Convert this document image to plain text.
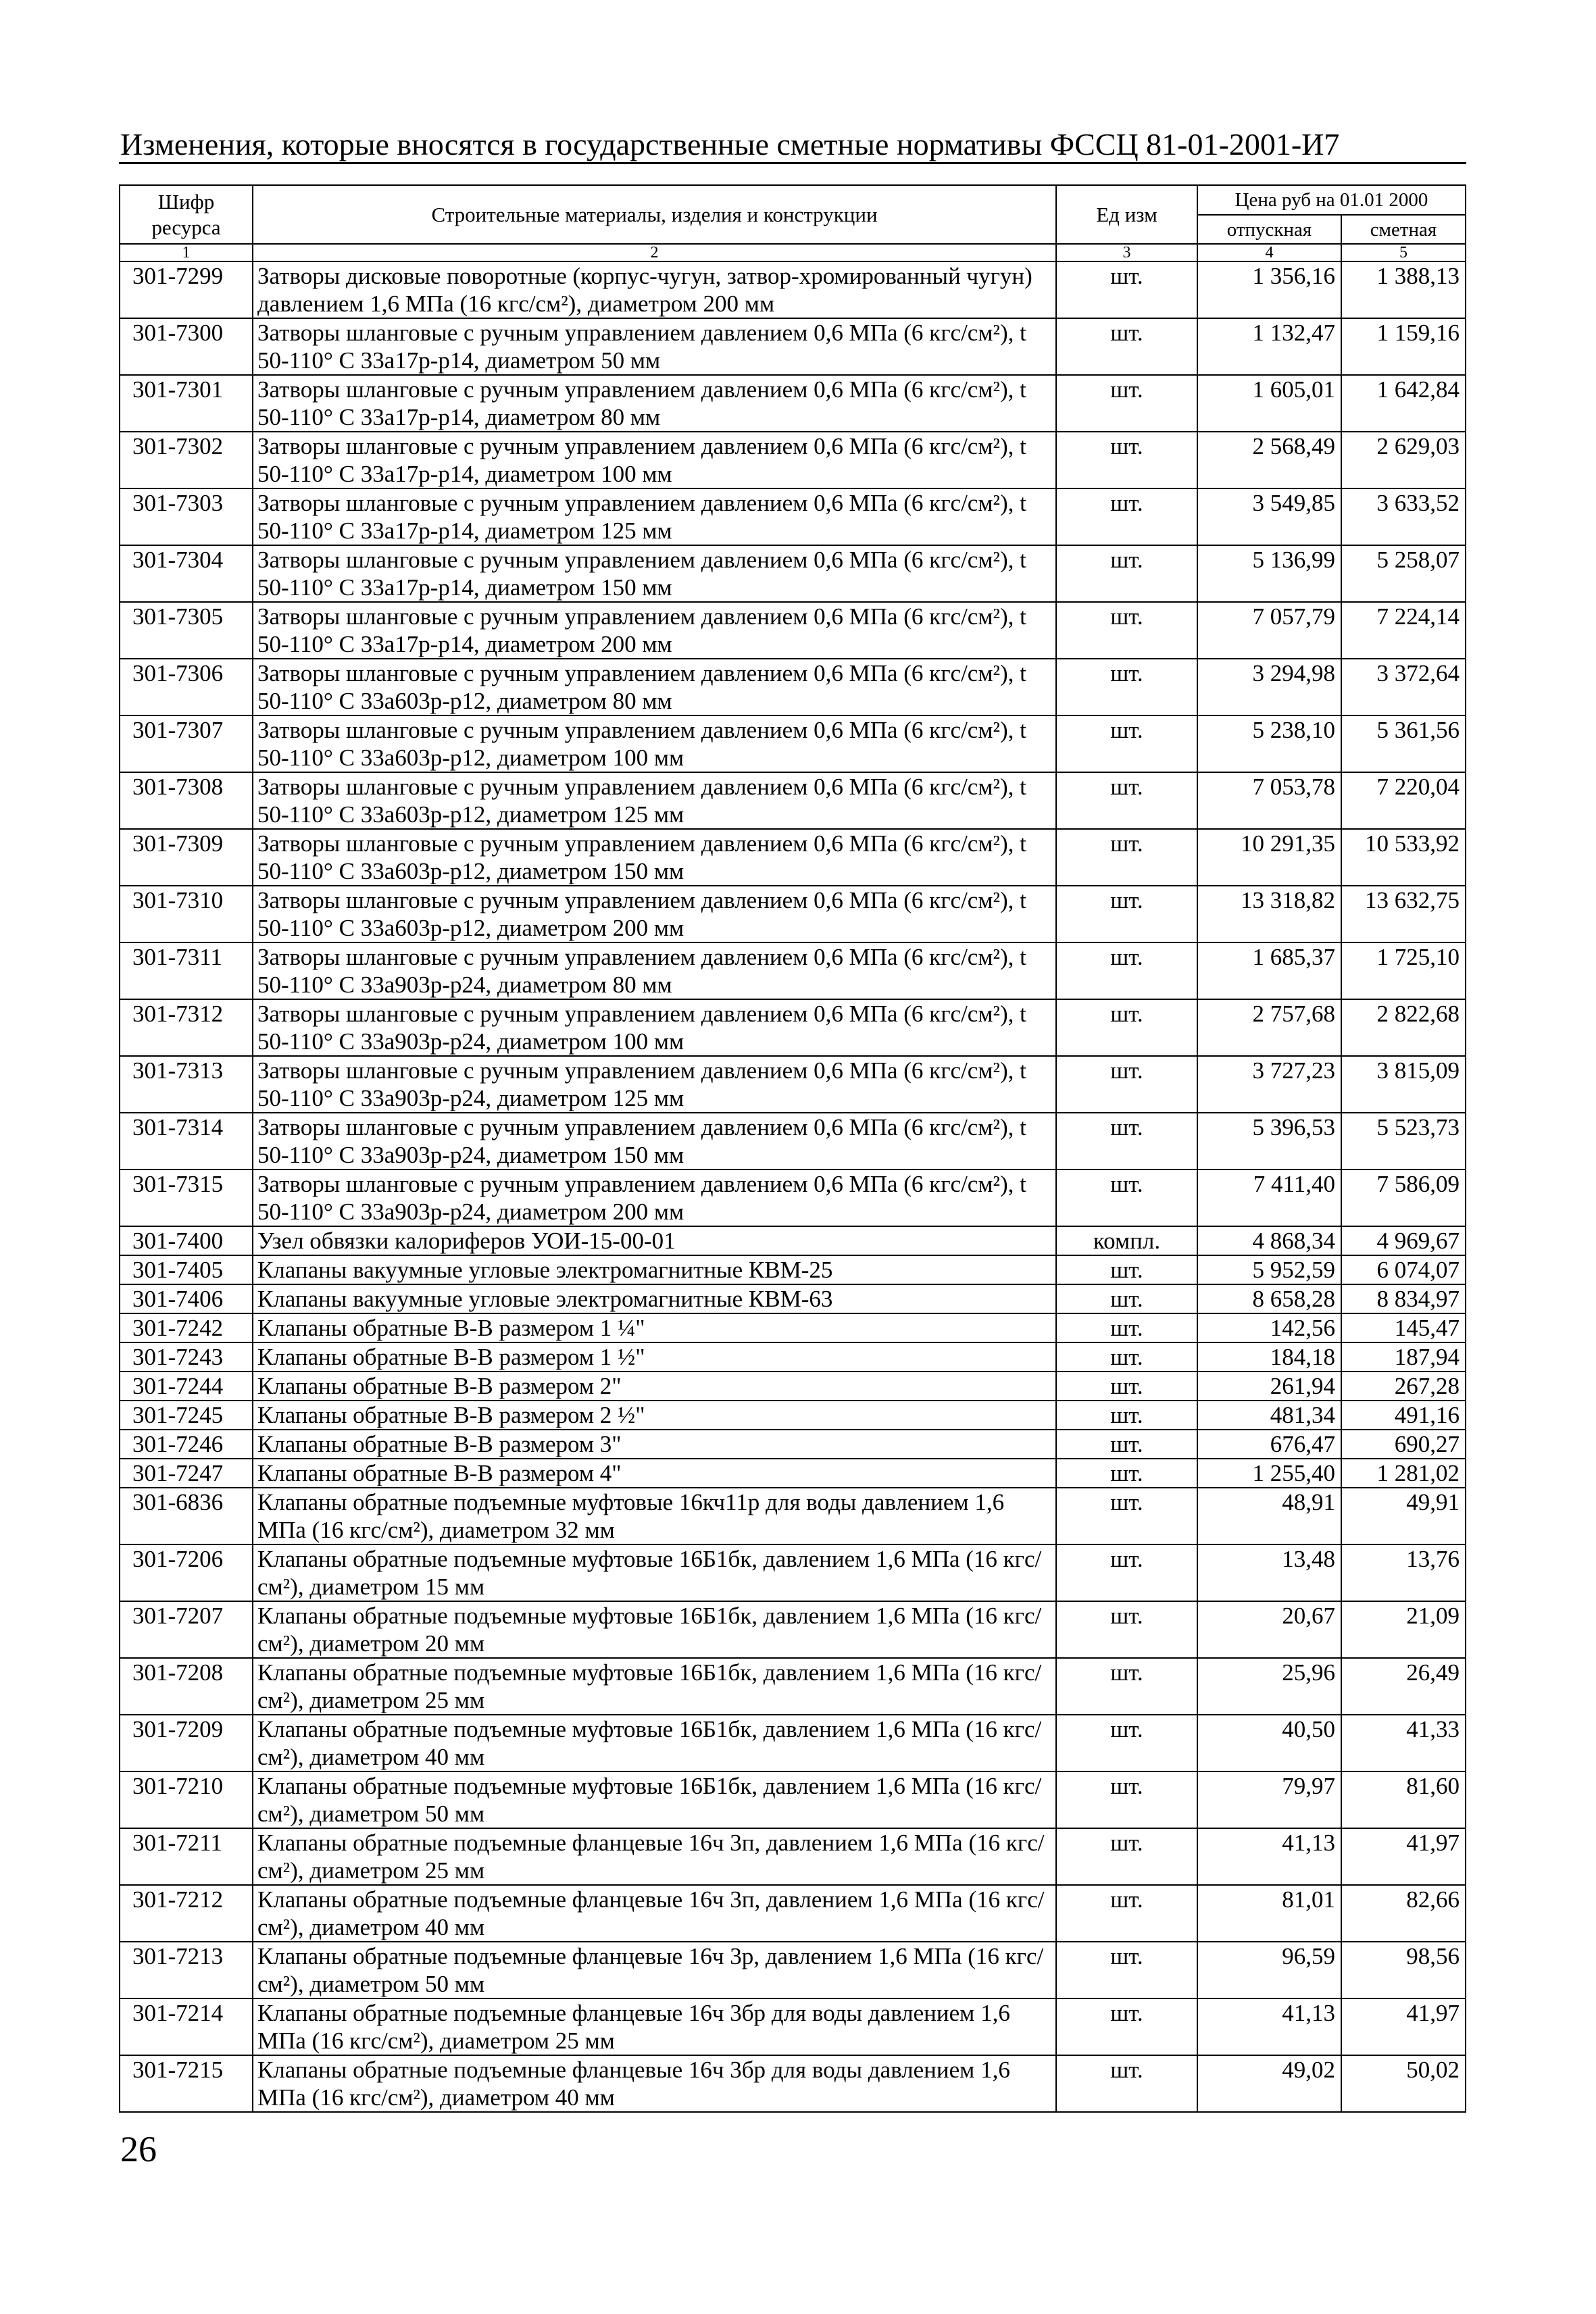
Изменения, которые вносятся в государственные сметные нормативы ФССЦ 81-01-2001-И7
Шифр ресурса	Строительные материалы, изделия и конструкции	Ед изм	Цена руб на 01.01 2000	
			отпускная	сметная
1	2	3	4	5
301-7299	Затворы дисковые поворотные (корпус-чугун, затвор-хромированный чугун) давлением 1,6 МПа (16 кгс/см²), диаметром 200 мм	шт.	1 356,16	1 388,13
301-7300	Затворы шланговые с ручным управлением давлением 0,6 МПа (6 кгс/см²), t 50-110° С 33а17р-р14, диаметром 50 мм	шт.	1 132,47	1 159,16
301-7301	Затворы шланговые с ручным управлением давлением 0,6 МПа (6 кгс/см²), t 50-110° С 33а17р-р14, диаметром 80 мм	шт.	1 605,01	1 642,84
301-7302	Затворы шланговые с ручным управлением давлением 0,6 МПа (6 кгс/см²), t 50-110° С 33а17р-р14, диаметром 100 мм	шт.	2 568,49	2 629,03
301-7303	Затворы шланговые с ручным управлением давлением 0,6 МПа (6 кгс/см²), t 50-110° С 33а17р-р14, диаметром 125 мм	шт.	3 549,85	3 633,52
301-7304	Затворы шланговые с ручным управлением давлением 0,6 МПа (6 кгс/см²), t 50-110° С 33а17р-р14, диаметром 150 мм	шт.	5 136,99	5 258,07
301-7305	Затворы шланговые с ручным управлением давлением 0,6 МПа (6 кгс/см²), t 50-110° С 33а17р-р14, диаметром 200 мм	шт.	7 057,79	7 224,14
301-7306	Затворы шланговые с ручным управлением давлением 0,6 МПа (6 кгс/см²), t 50-110° С 33а603р-р12, диаметром 80 мм	шт.	3 294,98	3 372,64
301-7307	Затворы шланговые с ручным управлением давлением 0,6 МПа (6 кгс/см²), t 50-110° С 33а603р-р12, диаметром 100 мм	шт.	5 238,10	5 361,56
301-7308	Затворы шланговые с ручным управлением давлением 0,6 МПа (6 кгс/см²), t 50-110° С 33а603р-р12, диаметром 125 мм	шт.	7 053,78	7 220,04
301-7309	Затворы шланговые с ручным управлением давлением 0,6 МПа (6 кгс/см²), t 50-110° С 33а603р-р12, диаметром 150 мм	шт.	10 291,35	10 533,92
301-7310	Затворы шланговые с ручным управлением давлением 0,6 МПа (6 кгс/см²), t 50-110° С 33а603р-р12, диаметром 200 мм	шт.	13 318,82	13 632,75
301-7311	Затворы шланговые с ручным управлением давлением 0,6 МПа (6 кгс/см²), t 50-110° С 33а903р-р24, диаметром 80 мм	шт.	1 685,37	1 725,10
301-7312	Затворы шланговые с ручным управлением давлением 0,6 МПа (6 кгс/см²), t 50-110° С 33а903р-р24, диаметром 100 мм	шт.	2 757,68	2 822,68
301-7313	Затворы шланговые с ручным управлением давлением 0,6 МПа (6 кгс/см²), t 50-110° С 33а903р-р24, диаметром 125 мм	шт.	3 727,23	3 815,09
301-7314	Затворы шланговые с ручным управлением давлением 0,6 МПа (6 кгс/см²), t 50-110° С 33а903р-р24, диаметром 150 мм	шт.	5 396,53	5 523,73
301-7315	Затворы шланговые с ручным управлением давлением 0,6 МПа (6 кгс/см²), t 50-110° С 33а903р-р24, диаметром 200 мм	шт.	7 411,40	7 586,09
301-7400	Узел обвязки калориферов УОИ-15-00-01	компл.	4 868,34	4 969,67
301-7405	Клапаны вакуумные угловые электромагнитные КВМ-25	шт.	5 952,59	6 074,07
301-7406	Клапаны вакуумные угловые электромагнитные КВМ-63	шт.	8 658,28	8 834,97
301-7242	Клапаны обратные В-В размером 1 ¼"	шт.	142,56	145,47
301-7243	Клапаны обратные В-В размером 1 ½"	шт.	184,18	187,94
301-7244	Клапаны обратные В-В размером 2"	шт.	261,94	267,28
301-7245	Клапаны обратные В-В размером 2 ½"	шт.	481,34	491,16
301-7246	Клапаны обратные В-В размером 3"	шт.	676,47	690,27
301-7247	Клапаны обратные В-В размером 4"	шт.	1 255,40	1 281,02
301-6836	Клапаны обратные подъемные муфтовые 16кч11р для воды давлением 1,6 МПа (16 кгс/см²), диаметром 32 мм	шт.	48,91	49,91
301-7206	Клапаны обратные подъемные муфтовые 16Б1бк, давлением 1,6 МПа (16 кгс/см²), диаметром 15 мм	шт.	13,48	13,76
301-7207	Клапаны обратные подъемные муфтовые 16Б1бк, давлением 1,6 МПа (16 кгс/см²), диаметром 20 мм	шт.	20,67	21,09
301-7208	Клапаны обратные подъемные муфтовые 16Б1бк, давлением 1,6 МПа (16 кгс/см²), диаметром 25 мм	шт.	25,96	26,49
301-7209	Клапаны обратные подъемные муфтовые 16Б1бк, давлением 1,6 МПа (16 кгс/см²), диаметром 40 мм	шт.	40,50	41,33
301-7210	Клапаны обратные подъемные муфтовые 16Б1бк, давлением 1,6 МПа (16 кгс/см²), диаметром 50 мм	шт.	79,97	81,60
301-7211	Клапаны обратные подъемные фланцевые 16ч 3п, давлением 1,6 МПа (16 кгс/см²), диаметром 25 мм	шт.	41,13	41,97
301-7212	Клапаны обратные подъемные фланцевые 16ч 3п, давлением 1,6 МПа (16 кгс/см²), диаметром 40 мм	шт.	81,01	82,66
301-7213	Клапаны обратные подъемные фланцевые 16ч 3р, давлением 1,6 МПа (16 кгс/см²), диаметром 50 мм	шт.	96,59	98,56
301-7214	Клапаны обратные подъемные фланцевые 16ч 3бр для воды давлением 1,6 МПа (16 кгс/см²), диаметром 25 мм	шт.	41,13	41,97
301-7215	Клапаны обратные подъемные фланцевые 16ч 3бр для воды давлением 1,6 МПа (16 кгс/см²), диаметром 40 мм	шт.	49,02	50,02
26
